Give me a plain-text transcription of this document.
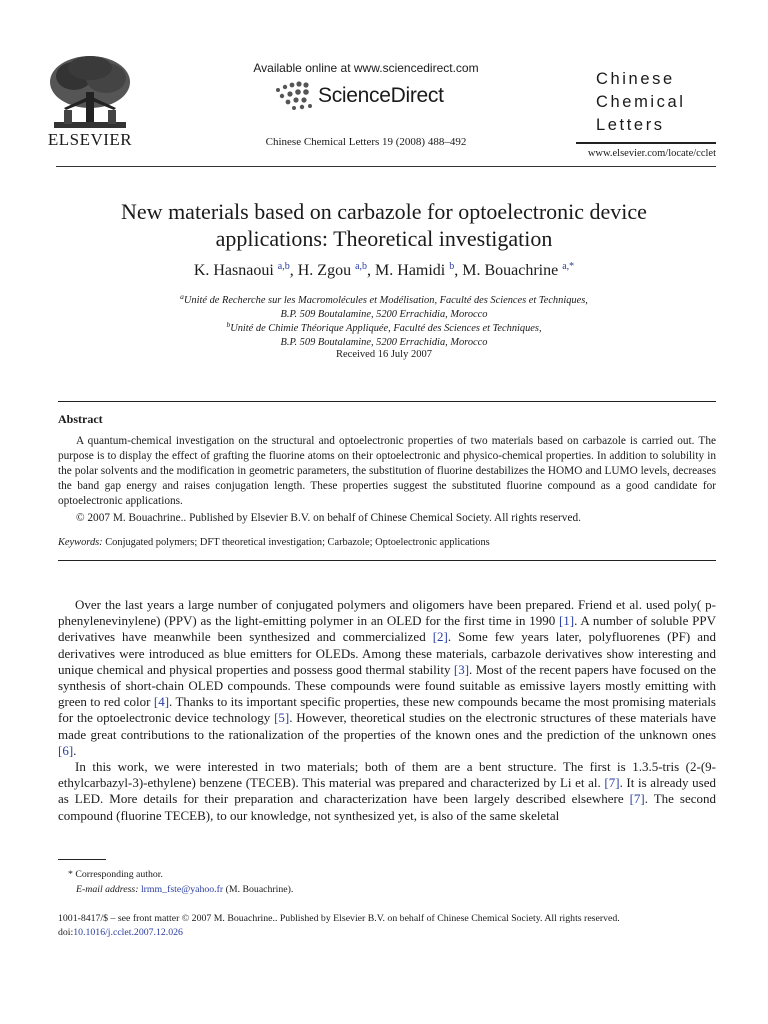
ELSEVIER
Available online at www.sciencedirect.com
ScienceDirect
Chinese Chemical Letters 19 (2008) 488–492
Chinese
Chemical
Letters
www.elsevier.com/locate/cclet
New materials based on carbazole for optoelectronic device
applications: Theoretical investigation
K. Hasnaoui $^{a,b}$, H. Zgou $^{a,b}$, M. Hamidi $^b$, M. Bouachrine $^{a,*}$
$^a$Unité de Recherche sur les Macromolécules et Modélisation, Faculté des Sciences et Techniques,
B.P. 509 Boutalamine, 5200 Errachidia, Morocco
$^b$Unité de Chimie Théorique Appliquée, Faculté des Sciences et Techniques,
B.P. 509 Boutalamine, 5200 Errachidia, Morocco
Received 16 July 2007
Abstract
A quantum-chemical investigation on the structural and optoelectronic properties of two materials based on carbazole is carried out. The purpose is to display the effect of grafting the fluorine atoms on their optoelectronic and physico-chemical properties. In addition to solubility in the polar solvents and the modification in geometric parameters, the substitution of fluorine destabilizes the HOMO and LUMO levels, decreases the band gap energy and raises conjugation length. These properties suggest the substituted fluorine compound as a good candidate for optoelectronic applications.
© 2007 M. Bouachrine.. Published by Elsevier B.V. on behalf of Chinese Chemical Society. All rights reserved.
Keywords: Conjugated polymers; DFT theoretical investigation; Carbazole; Optoelectronic applications
Over the last years a large number of conjugated polymers and oligomers have been prepared. Friend et al. used poly( p-phenylenevinylene) (PPV) as the light-emitting polymer in an OLED for the first time in 1990 [1]. A number of soluble PPV derivatives have meanwhile been synthesized and commercialized [2]. Some few years later, polyfluorenes (PF) and derivatives were introduced as blue emitters for OLEDs. Among these materials, carbazole derivatives show interesting and unique chemical and physical properties and possess good thermal stability [3]. Most of the recent papers have focused on the synthesis of short-chain OLED compounds. These compounds were found suitable as emissive layers mostly emitting with green to red color [4]. Thanks to its important specific properties, these new compounds became the most promising materials for the optoelectronic device technology [5]. However, theoretical studies on the electronic structures of these materials have made great contributions to the rationalization of the properties of the known ones and the prediction of the unknown ones [6].
In this work, we were interested in two materials; both of them are a bent structure. The first is 1.3.5-tris (2-(9-ethylcarbazyl-3)-ethylene) benzene (TECEB). This material was prepared and characterized by Li et al. [7]. It is already used as LED. More details for their preparation and characterization have been largely described elsewhere [7]. The second compound (fluorine TECEB), to our knowledge, not synthesized yet, is also of the same skeletal
* Corresponding author.
E-mail address: lrmm_fste@yahoo.fr (M. Bouachrine).
1001-8417/$ – see front matter © 2007 M. Bouachrine.. Published by Elsevier B.V. on behalf of Chinese Chemical Society. All rights reserved.
doi:10.1016/j.cclet.2007.12.026
